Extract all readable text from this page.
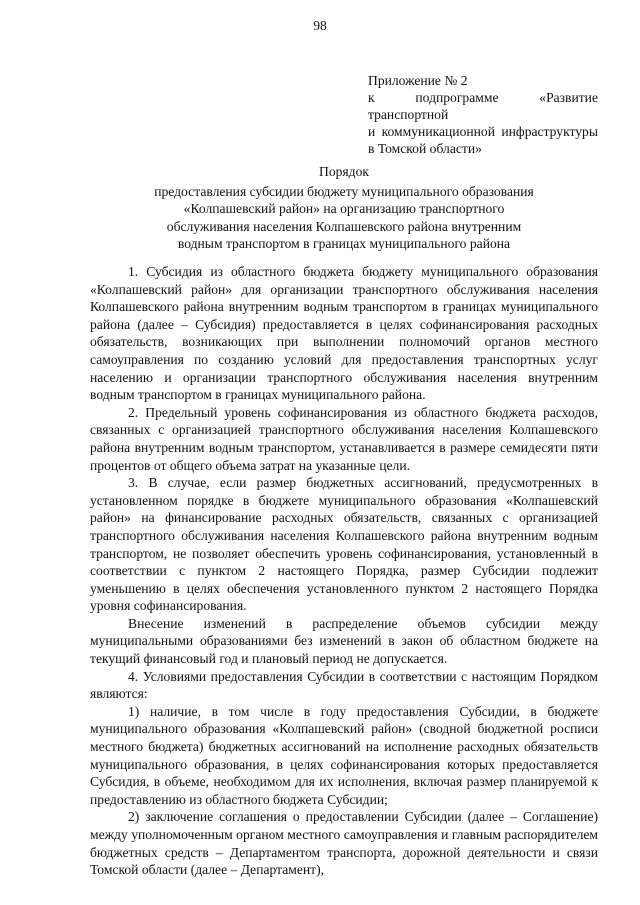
98
Приложение № 2
к подпрограмме «Развитие транспортной
и коммуникационной инфраструктуры
в Томской области»
Порядок
предоставления субсидии бюджету муниципального образования
«Колпашевский район» на организацию транспортного
обслуживания населения Колпашевского района внутренним
водным транспортом в границах муниципального района

1. Субсидия из областного бюджета бюджету муниципального образования «Колпашевский район» для организации транспортного обслуживания населения Колпашевского района внутренним водным транспортом в границах муниципального района (далее – Субсидия) предоставляется в целях софинансирования расходных обязательств, возникающих при выполнении полномочий органов местного самоуправления по созданию условий для предоставления транспортных услуг населению и организации транспортного обслуживания населения внутренним водным транспортом в границах муниципального района.

2. Предельный уровень софинансирования из областного бюджета расходов, связанных с организацией транспортного обслуживания населения Колпашевского района внутренним водным транспортом, устанавливается в размере семидесяти пяти процентов от общего объема затрат на указанные цели.

3. В случае, если размер бюджетных ассигнований, предусмотренных в установленном порядке в бюджете муниципального образования «Колпашевский район» на финансирование расходных обязательств, связанных с организацией транспортного обслуживания населения Колпашевского района внутренним водным транспортом, не позволяет обеспечить уровень софинансирования, установленный в соответствии с пунктом 2 настоящего Порядка, размер Субсидии подлежит уменьшению в целях обеспечения установленного пунктом 2 настоящего Порядка уровня софинансирования.

Внесение изменений в распределение объемов субсидии между муниципальными образованиями без изменений в закон об областном бюджете на текущий финансовый год и плановый период не допускается.

4. Условиями предоставления Субсидии в соответствии с настоящим Порядком являются:

1) наличие, в том числе в году предоставления Субсидии, в бюджете муниципального образования «Колпашевский район» (сводной бюджетной росписи местного бюджета) бюджетных ассигнований на исполнение расходных обязательств муниципального образования, в целях софинансирования которых предоставляется Субсидия, в объеме, необходимом для их исполнения, включая размер планируемой к предоставлению из областного бюджета Субсидии;

2) заключение соглашения о предоставлении Субсидии (далее – Соглашение) между уполномоченным органом местного самоуправления и главным распорядителем бюджетных средств – Департаментом транспорта, дорожной деятельности и связи Томской области (далее – Департамент),
